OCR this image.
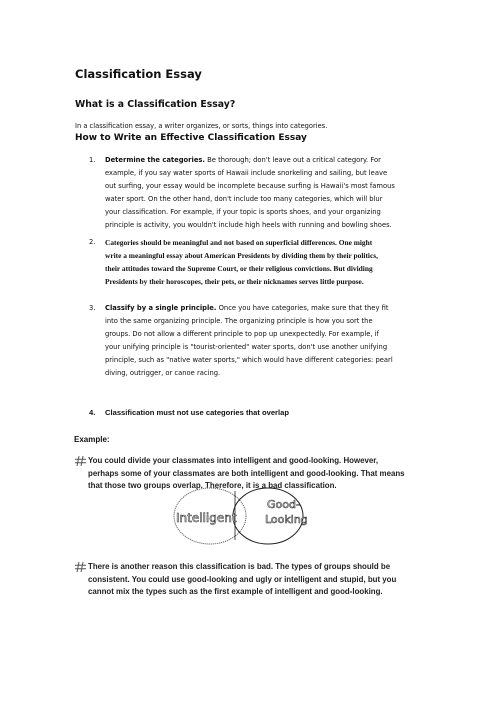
Classification Essay
What is a Classification Essay?
In a classification essay, a writer organizes, or sorts, things into categories.
How to Write an Effective Classification Essay
1. Determine the categories. Be thorough; don't leave out a critical category. For
example, if you say water sports of Hawaii include snorkeling and sailing, but leave
out surfing, your essay would be incomplete because surfing is Hawaii's most famous
water sport. On the other hand, don't include too many categories, which will blur
your classification. For example, if your topic is sports shoes, and your organizing
principle is activity, you wouldn't include high heels with running and bowling shoes.
2. Categories should be meaningful and not based on superficial differences. One might
write a meaningful essay about American Presidents by dividing them by their politics,
their attitudes toward the Supreme Court, or their religious convictions. But dividing
Presidents by their horoscopes, their pets, or their nicknames serves little purpose.
3. Classify by a single principle. Once you have categories, make sure that they fit
into the same organizing principle. The organizing principle is how you sort the
groups. Do not allow a different principle to pop up unexpectedly. For example, if
your unifying principle is "tourist-oriented" water sports, don't use another unifying
principle, such as "native water sports," which would have different categories: pearl
diving, outrigger, or canoe racing.
4. Classification must not use categories that overlap
Example:
You could divide your classmates into intelligent and good-looking. However,
perhaps some of your classmates are both intelligent and good-looking. That means
that those two groups overlap. Therefore, it is a bad classification.
Intelligent
Good-
Looking
There is another reason this classification is bad. The types of groups should be
consistent. You could use good-looking and ugly or intelligent and stupid, but you
cannot mix the types such as the first example of intelligent and good-looking.
